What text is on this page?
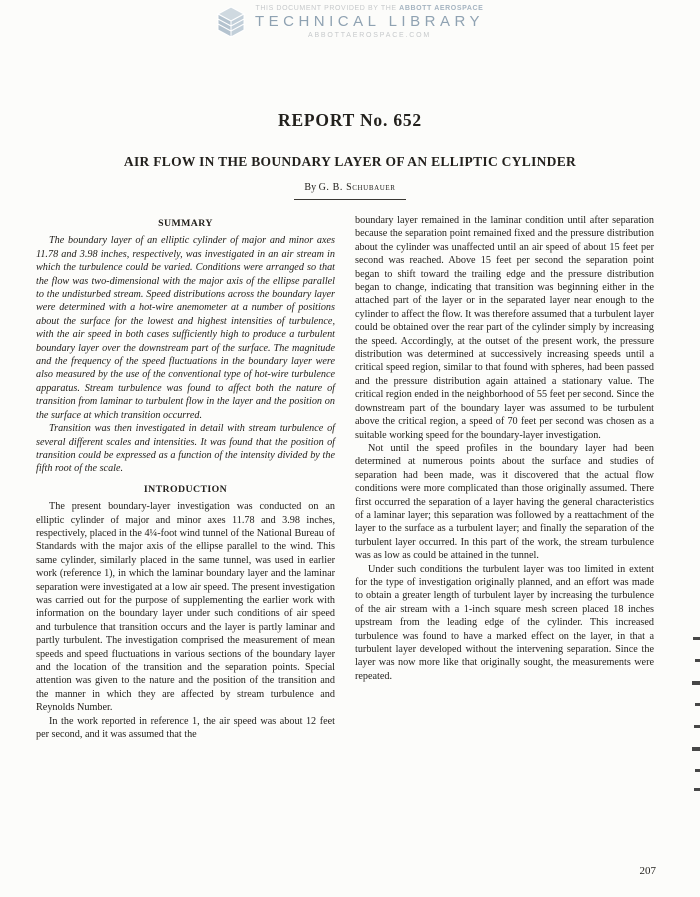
THIS DOCUMENT PROVIDED BY THE ABBOTT AEROSPACE
TECHNICAL LIBRARY
ABBOTTAEROSPACE.COM
REPORT No. 652
AIR FLOW IN THE BOUNDARY LAYER OF AN ELLIPTIC CYLINDER
By G. B. Schubauer
SUMMARY

The boundary layer of an elliptic cylinder of major and minor axes 11.78 and 3.98 inches, respectively, was investigated in an air stream in which the turbulence could be varied. Conditions were arranged so that the flow was two-dimensional with the major axis of the ellipse parallel to the undisturbed stream. Speed distributions across the boundary layer were determined with a hot-wire anemometer at a number of positions about the surface for the lowest and highest intensities of turbulence, with the air speed in both cases sufficiently high to produce a turbulent boundary layer over the downstream part of the surface. The magnitude and the frequency of the speed fluctuations in the boundary layer were also measured by the use of the conventional type of hot-wire turbulence apparatus. Stream turbulence was found to affect both the nature of transition from laminar to turbulent flow in the layer and the position on the surface at which transition occurred.

Transition was then investigated in detail with stream turbulence of several different scales and intensities. It was found that the position of transition could be expressed as a function of the intensity divided by the fifth root of the scale.

INTRODUCTION

The present boundary-layer investigation was conducted on an elliptic cylinder of major and minor axes 11.78 and 3.98 inches, respectively, placed in the 4¼-foot wind tunnel of the National Bureau of Standards with the major axis of the ellipse parallel to the wind. This same cylinder, similarly placed in the same tunnel, was used in earlier work (reference 1), in which the laminar boundary layer and the laminar separation were investigated at a low air speed. The present investigation was carried out for the purpose of supplementing the earlier work with information on the boundary layer under such conditions of air speed and turbulence that transition occurs and the layer is partly laminar and partly turbulent. The investigation comprised the measurement of mean speeds and speed fluctuations in various sections of the boundary layer and the location of the transition and the separation points. Special attention was given to the nature and the position of the transition and the manner in which they are affected by stream turbulence and Reynolds Number.

In the work reported in reference 1, the air speed was about 12 feet per second, and it was assumed that the

boundary layer remained in the laminar condition until after separation because the separation point remained fixed and the pressure distribution about the cylinder was unaffected until an air speed of about 15 feet per second was reached. Above 15 feet per second the separation point began to shift toward the trailing edge and the pressure distribution began to change, indicating that transition was beginning either in the attached part of the layer or in the separated layer near enough to the cylinder to affect the flow. It was therefore assumed that a turbulent layer could be obtained over the rear part of the cylinder simply by increasing the speed. Accordingly, at the outset of the present work, the pressure distribution was determined at successively increasing speeds until a critical speed region, similar to that found with spheres, had been passed and the pressure distribution again attained a stationary value. The critical region ended in the neighborhood of 55 feet per second. Since the downstream part of the boundary layer was assumed to be turbulent above the critical region, a speed of 70 feet per second was chosen as a suitable working speed for the boundary-layer investigation.

Not until the speed profiles in the boundary layer had been determined at numerous points about the surface and studies of separation had been made, was it discovered that the actual flow conditions were more complicated than those originally assumed. There first occurred the separation of a layer having the general characteristics of a laminar layer; this separation was followed by a reattachment of the layer to the surface as a turbulent layer; and finally the separation of the turbulent layer occurred. In this part of the work, the stream turbulence was as low as could be attained in the tunnel.

Under such conditions the turbulent layer was too limited in extent for the type of investigation originally planned, and an effort was made to obtain a greater length of turbulent layer by increasing the turbulence of the air stream with a 1-inch square mesh screen placed 18 inches upstream from the leading edge of the cylinder. This increased turbulence was found to have a marked effect on the layer, in that a turbulent layer developed without the intervening separation. Since the layer was now more like that originally sought, the measurements were repeated.

207
